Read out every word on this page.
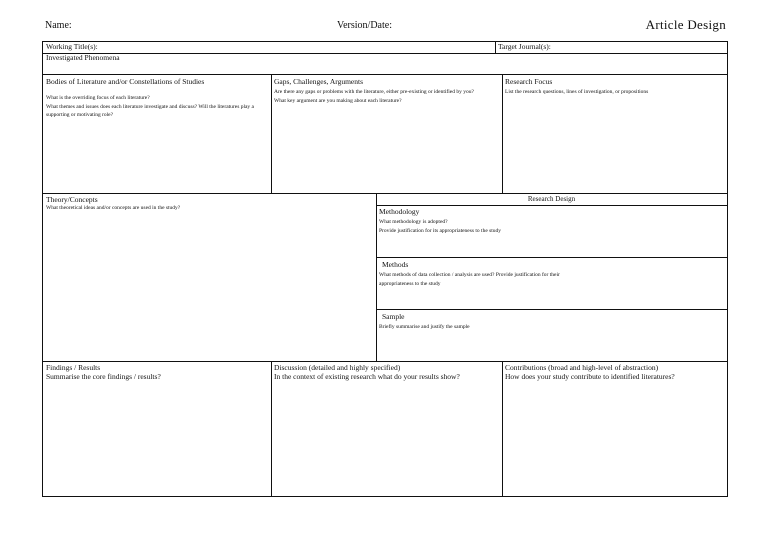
Name:	Version/Date:	Article Design
Working Title(s):	Target Journal(s):
Investigated Phenomena
Bodies of Literature and/or Constellations of Studies
What is the overriding focus of each literature?
What themes and issues does each literature investigate and discuss? Will the literatures play a supporting or motivating role?
Gaps, Challenges, Arguments
Are there any gaps or problems with the literature, either pre-existing or identified by you?
What key argument are you making about each literature?
Research Focus
List the research questions, lines of investigation, or propositions
Theory/Concepts
What theoretical ideas and/or concepts are used in the study?
Research Design
Methodology
What methodology is adopted?
Provide justification for its appropriateness to the study
Methods
What methods of data collection / analysis are used? Provide justification for their appropriateness to the study
Sample
Briefly summarise and justify the sample
Findings / Results
Summarise the core findings / results?
Discussion (detailed and highly specified)
In the context of existing research what do your results show?
Contributions (broad and high-level of abstraction)
How does your study contribute to identified literatures?
